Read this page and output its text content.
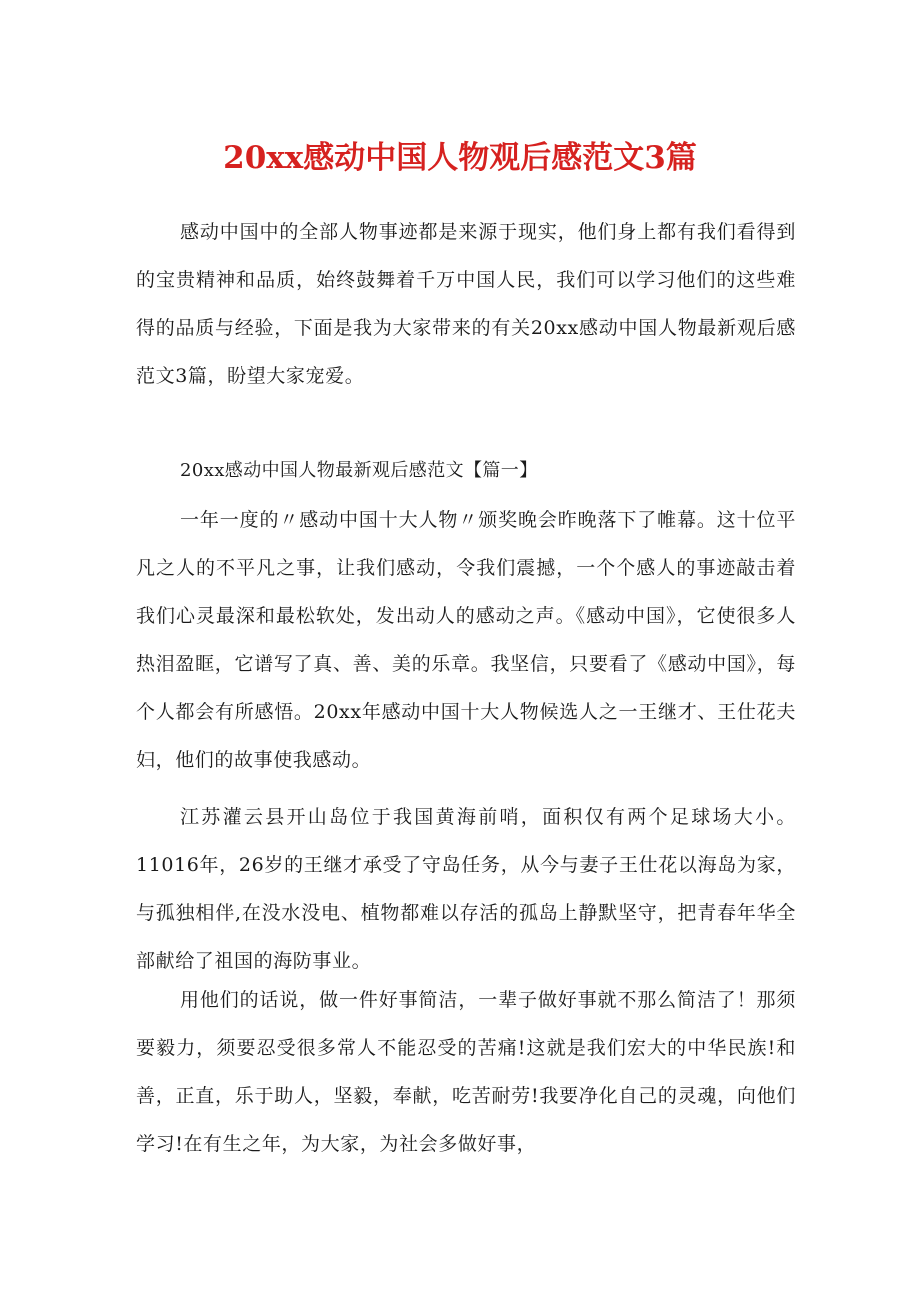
20xx感动中国人物观后感范文3篇

感动中国中的全部人物事迹都是来源于现实，他们身上都有我们看得到的宝贵精神和品质，始终鼓舞着千万中国人民，我们可以学习他们的这些难得的品质与经验，下面是我为大家带来的有关20xx感动中国人物最新观后感范文3篇，盼望大家宠爱。

20xx感动中国人物最新观后感范文【篇一】

一年一度的〃感动中国十大人物〃颁奖晚会昨晚落下了帷幕。这十位平凡之人的不平凡之事，让我们感动，令我们震撼，一个个感人的事迹敲击着我们心灵最深和最松软处，发出动人的感动之声。《感动中国》，它使很多人热泪盈眶，它谱写了真、善、美的乐章。我坚信，只要看了《感动中国》，每个人都会有所感悟。20xx年感动中国十大人物候选人之一王继才、王仕花夫妇，他们的故事使我感动。

江苏灌云县开山岛位于我国黄海前哨，面积仅有两个足球场大小。11016年，26岁的王继才承受了守岛任务，从今与妻子王仕花以海岛为家，与孤独相伴,在没水没电、植物都难以存活的孤岛上静默坚守，把青春年华全部献给了祖国的海防事业。

用他们的话说，做一件好事简洁，一辈子做好事就不那么简洁了！那须要毅力，须要忍受很多常人不能忍受的苦痛!这就是我们宏大的中华民族!和善，正直，乐于助人，坚毅，奉献，吃苦耐劳!我要净化自己的灵魂，向他们学习!在有生之年，为大家，为社会多做好事，
